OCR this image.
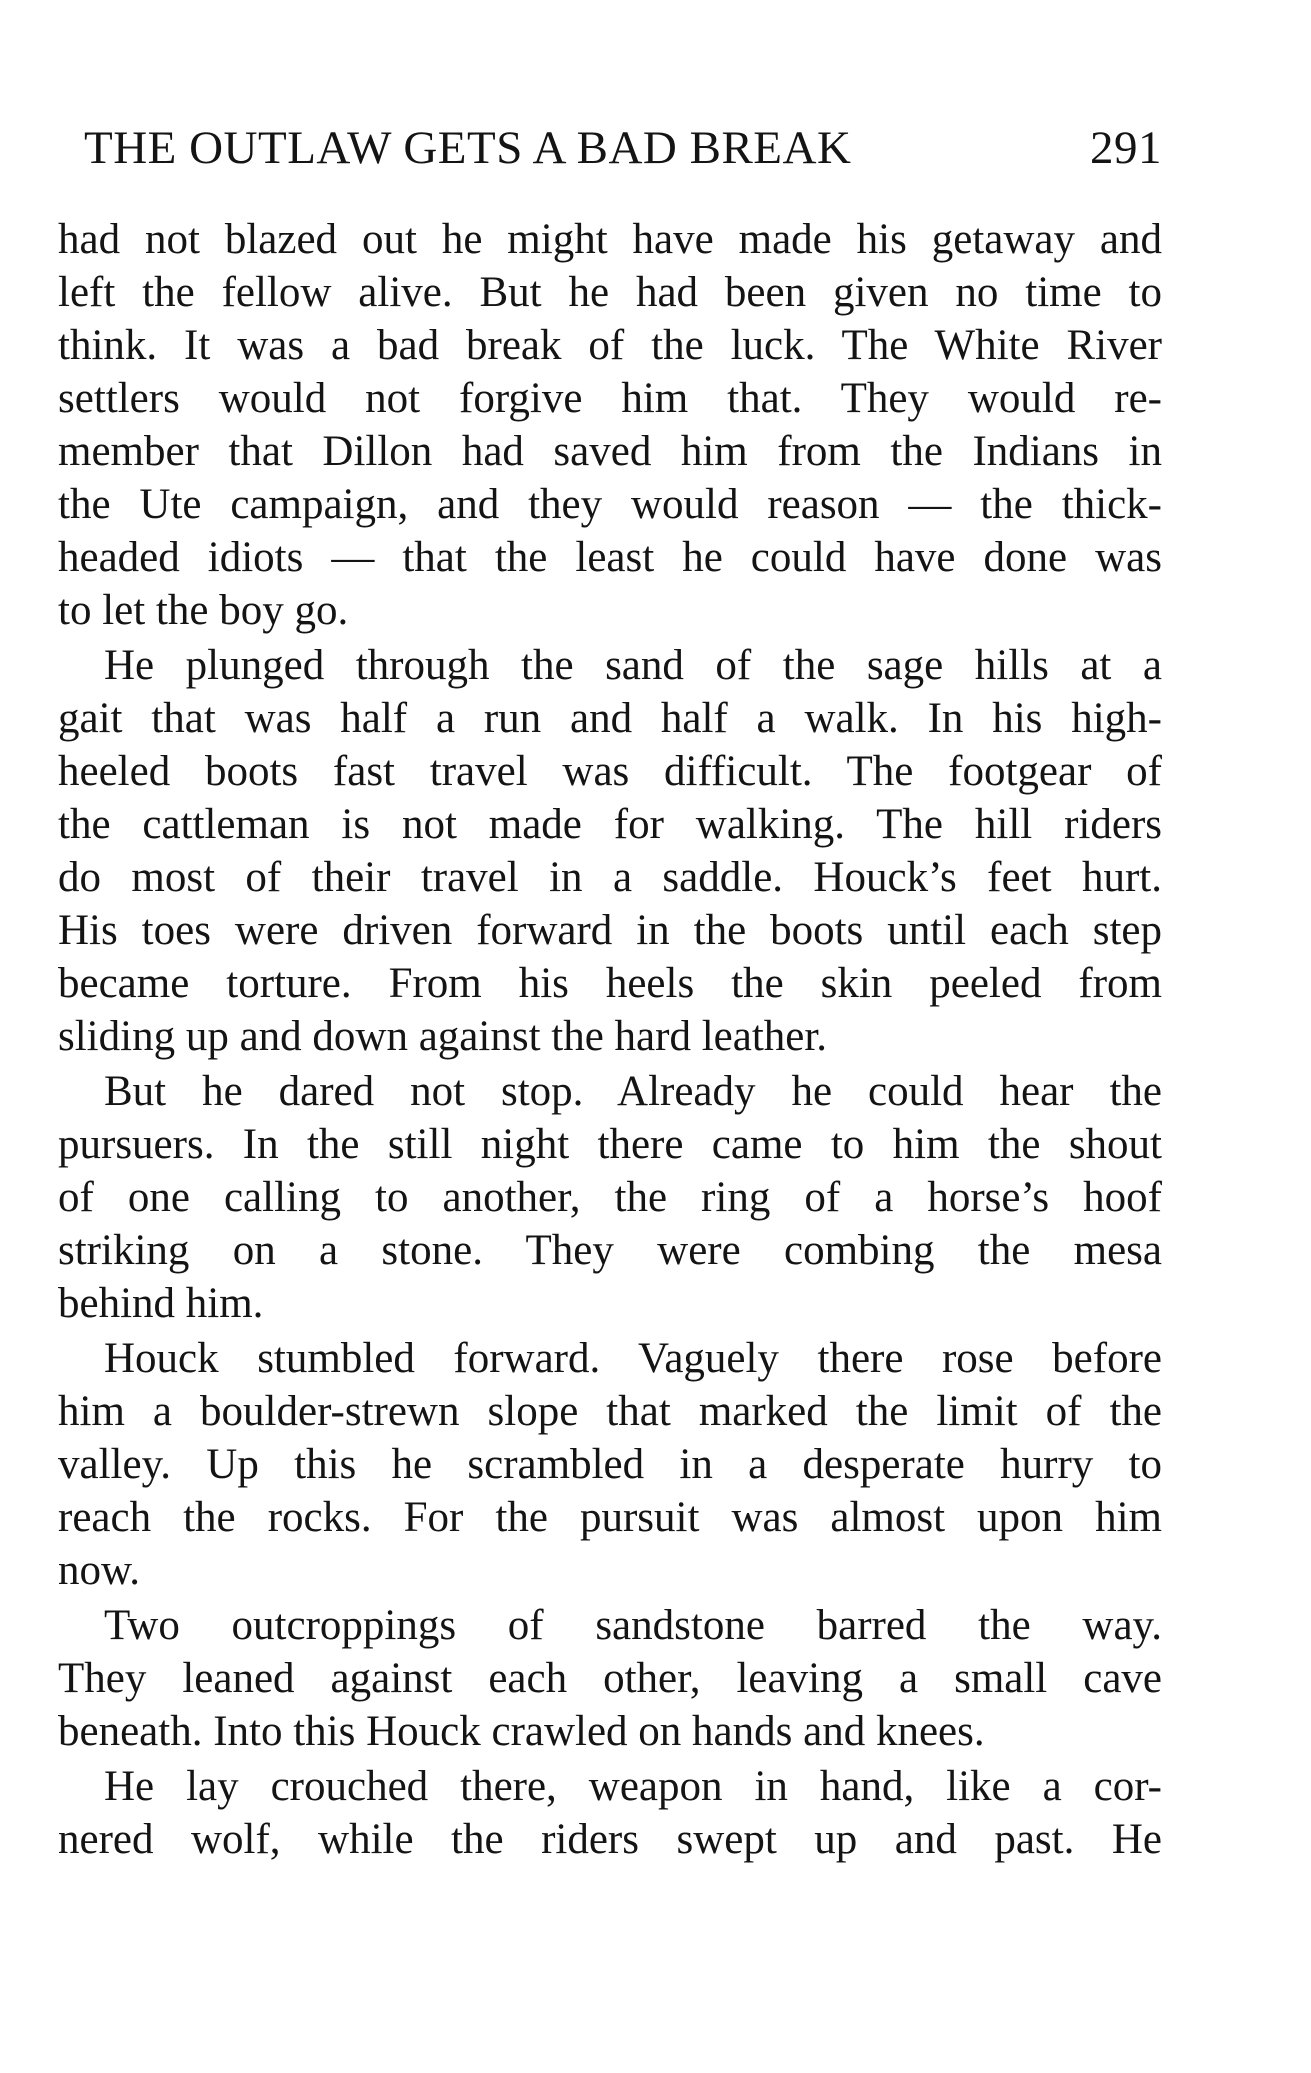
THE OUTLAW GETS A BAD BREAK	291
had not blazed out he might have made his getaway and
left the fellow alive. But he had been given no time to
think. It was a bad break of the luck. The White River
settlers would not forgive him that. They would re-
member that Dillon had saved him from the Indians in
the Ute campaign, and they would reason — the thick-
headed idiots — that the least he could have done was
to let the boy go.
He plunged through the sand of the sage hills at a
gait that was half a run and half a walk. In his high-
heeled boots fast travel was difficult. The footgear of
the cattleman is not made for walking. The hill riders
do most of their travel in a saddle. Houck’s feet hurt.
His toes were driven forward in the boots until each step
became torture. From his heels the skin peeled from
sliding up and down against the hard leather.
But he dared not stop. Already he could hear the
pursuers. In the still night there came to him the shout
of one calling to another, the ring of a horse’s hoof
striking on a stone. They were combing the mesa
behind him.
Houck stumbled forward. Vaguely there rose before
him a boulder-strewn slope that marked the limit of the
valley. Up this he scrambled in a desperate hurry to
reach the rocks. For the pursuit was almost upon him
now.
Two outcroppings of sandstone barred the way.
They leaned against each other, leaving a small cave
beneath. Into this Houck crawled on hands and knees.
He lay crouched there, weapon in hand, like a cor-
nered wolf, while the riders swept up and past. He
